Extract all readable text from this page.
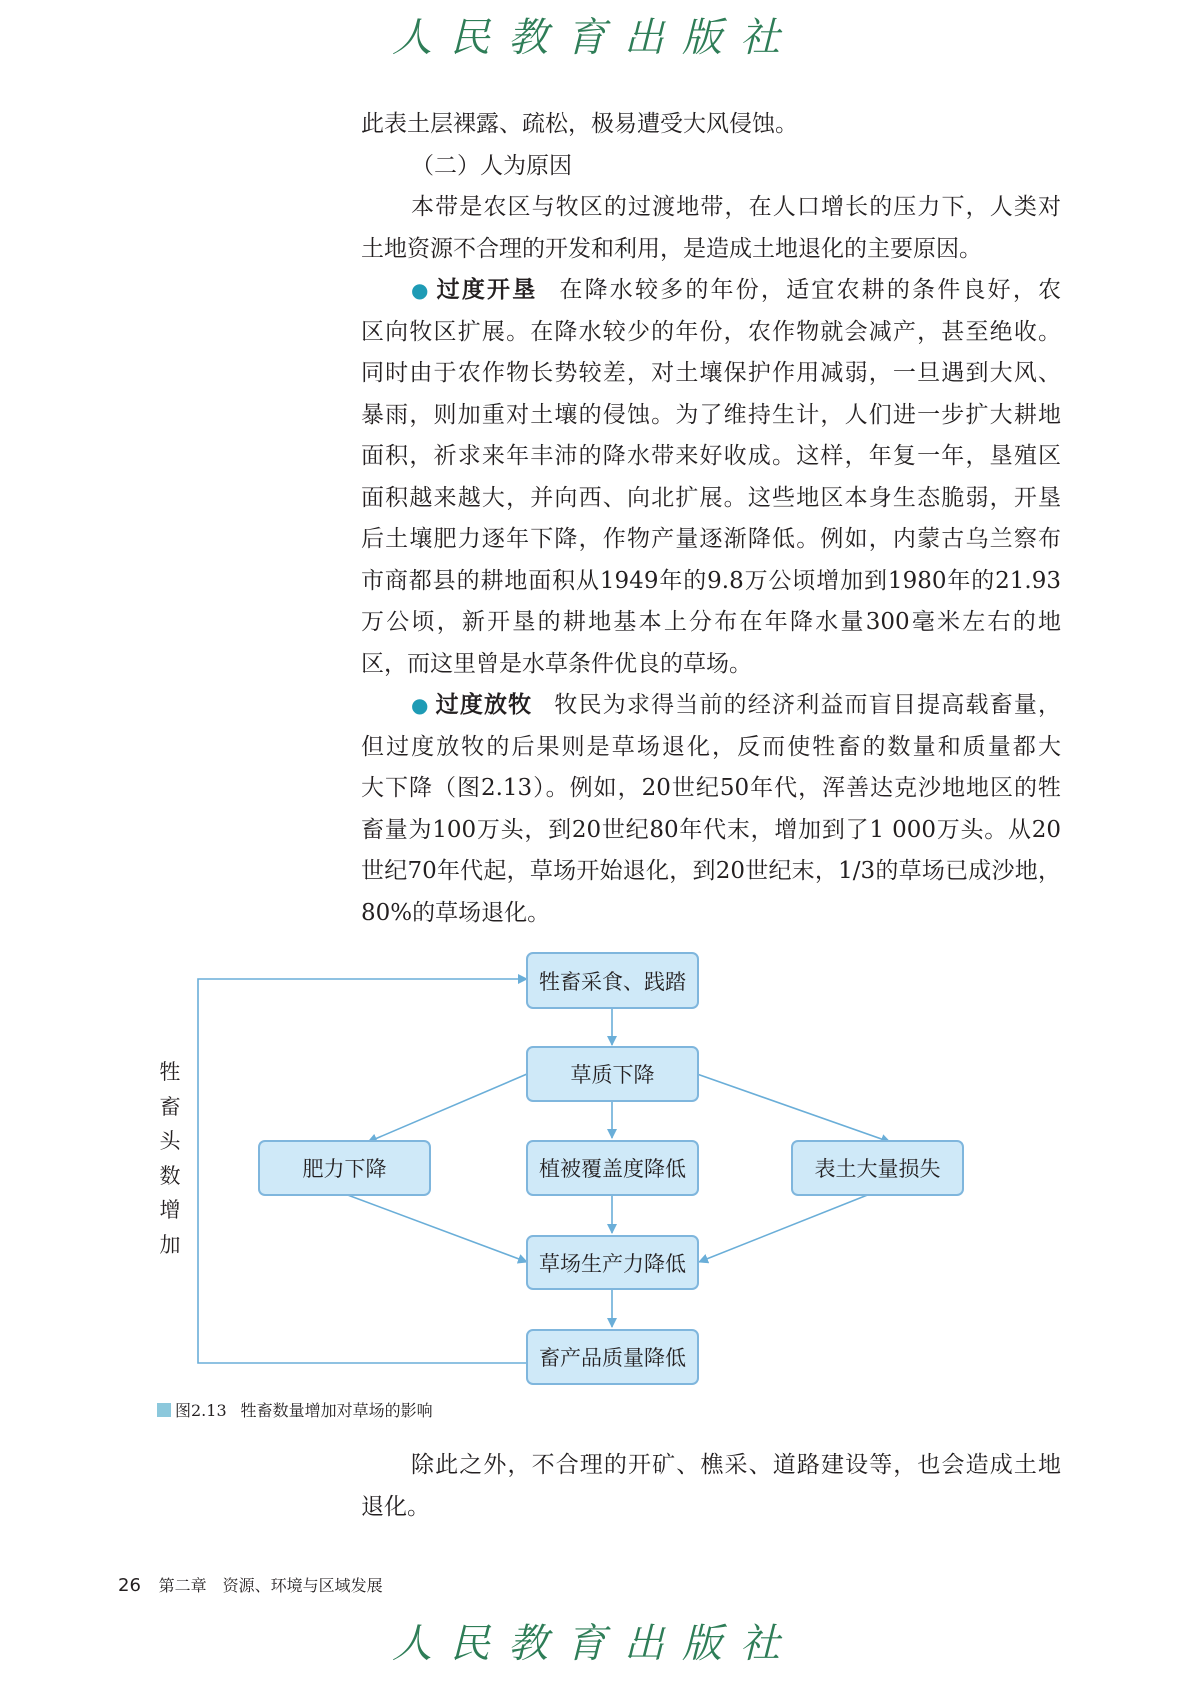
人民教育出版社
此表土层裸露、疏松，极易遭受大风侵蚀。
（二）人为原因
本带是农区与牧区的过渡地带，在人口增长的压力下，人类对
土地资源不合理的开发和利用，是造成土地退化的主要原因。
● 过度开垦 在降水较多的年份，适宜农耕的条件良好，农
区向牧区扩展。在降水较少的年份，农作物就会减产，甚至绝收。
同时由于农作物长势较差，对土壤保护作用减弱，一旦遇到大风、
暴雨，则加重对土壤的侵蚀。为了维持生计，人们进一步扩大耕地
面积，祈求来年丰沛的降水带来好收成。这样，年复一年，垦殖区
面积越来越大，并向西、向北扩展。这些地区本身生态脆弱，开垦
后土壤肥力逐年下降，作物产量逐渐降低。例如，内蒙古乌兰察布
市商都县的耕地面积从1949年的9.8万公顷增加到1980年的21.93
万公顷，新开垦的耕地基本上分布在年降水量300毫米左右的地
区，而这里曾是水草条件优良的草场。
● 过度放牧 牧民为求得当前的经济利益而盲目提高载畜量，
但过度放牧的后果则是草场退化，反而使牲畜的数量和质量都大
大下降（图2.13）。例如，20世纪50年代，浑善达克沙地地区的牲
畜量为100万头，到20世纪80年代末，增加到了1 000万头。从20
世纪70年代起，草场开始退化，到20世纪末，1/3的草场已成沙地，
80%的草场退化。
牲畜采食、践踏
草质下降
肥力下降	植被覆盖度降低	表土大量损失
草场生产力降低
畜产品质量降低
牲
畜
头
数
增
加
图2.13 牲畜数量增加对草场的影响
除此之外，不合理的开矿、樵采、道路建设等，也会造成土地
退化。
26 第二章　资源、环境与区域发展
人民教育出版社
